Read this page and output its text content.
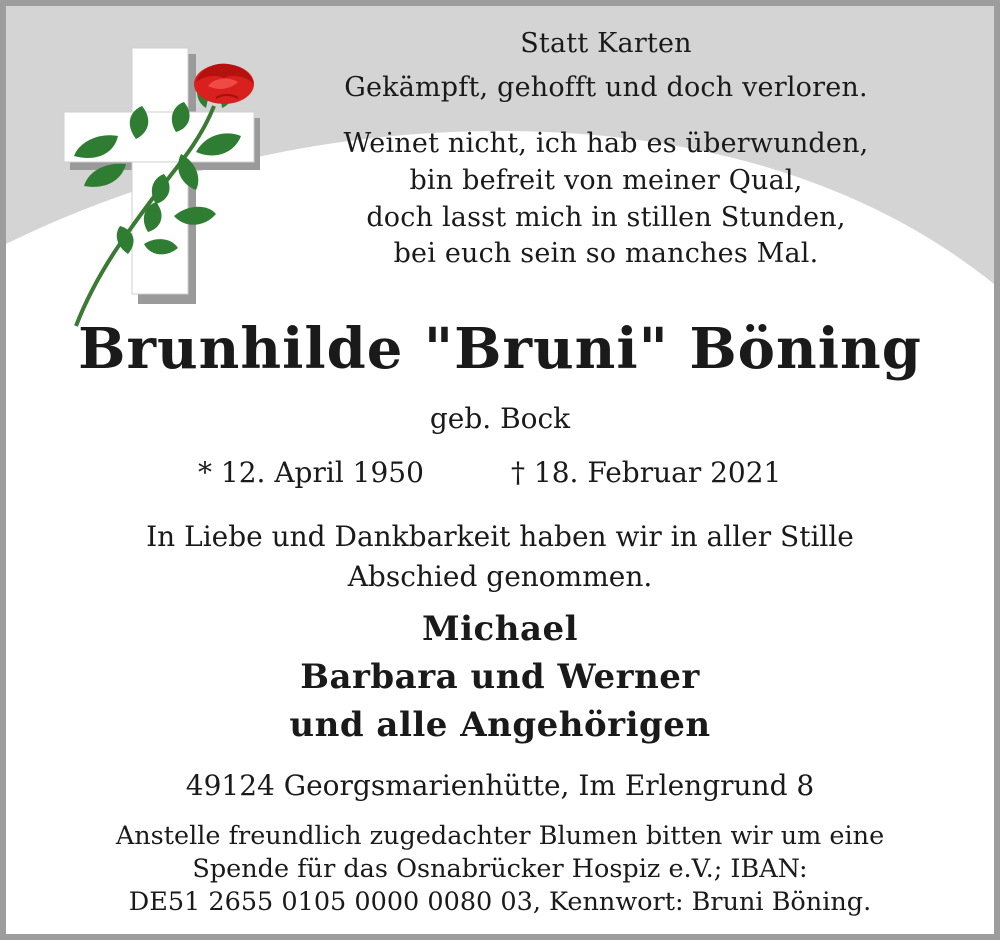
Statt Karten

Gekämpft, gehofft und doch verloren.

Weinet nicht, ich hab es überwunden,

bin befreit von meiner Qual,

doch lasst mich in stillen Stunden,

bei euch sein so manches Mal.

Brunhilde "Bruni" Böning

geb. Bock

* 12. April 1950	† 18. Februar 2021

In Liebe und Dankbarkeit haben wir in aller Stille

Abschied genommen.

Michael

Barbara und Werner

und alle Angehörigen

49124 Georgsmarienhütte, Im Erlengrund 8

Anstelle freundlich zugedachter Blumen bitten wir um eine

Spende für das Osnabrücker Hospiz e.V.; IBAN:

DE51 2655 0105 0000 0080 03, Kennwort: Bruni Böning.
